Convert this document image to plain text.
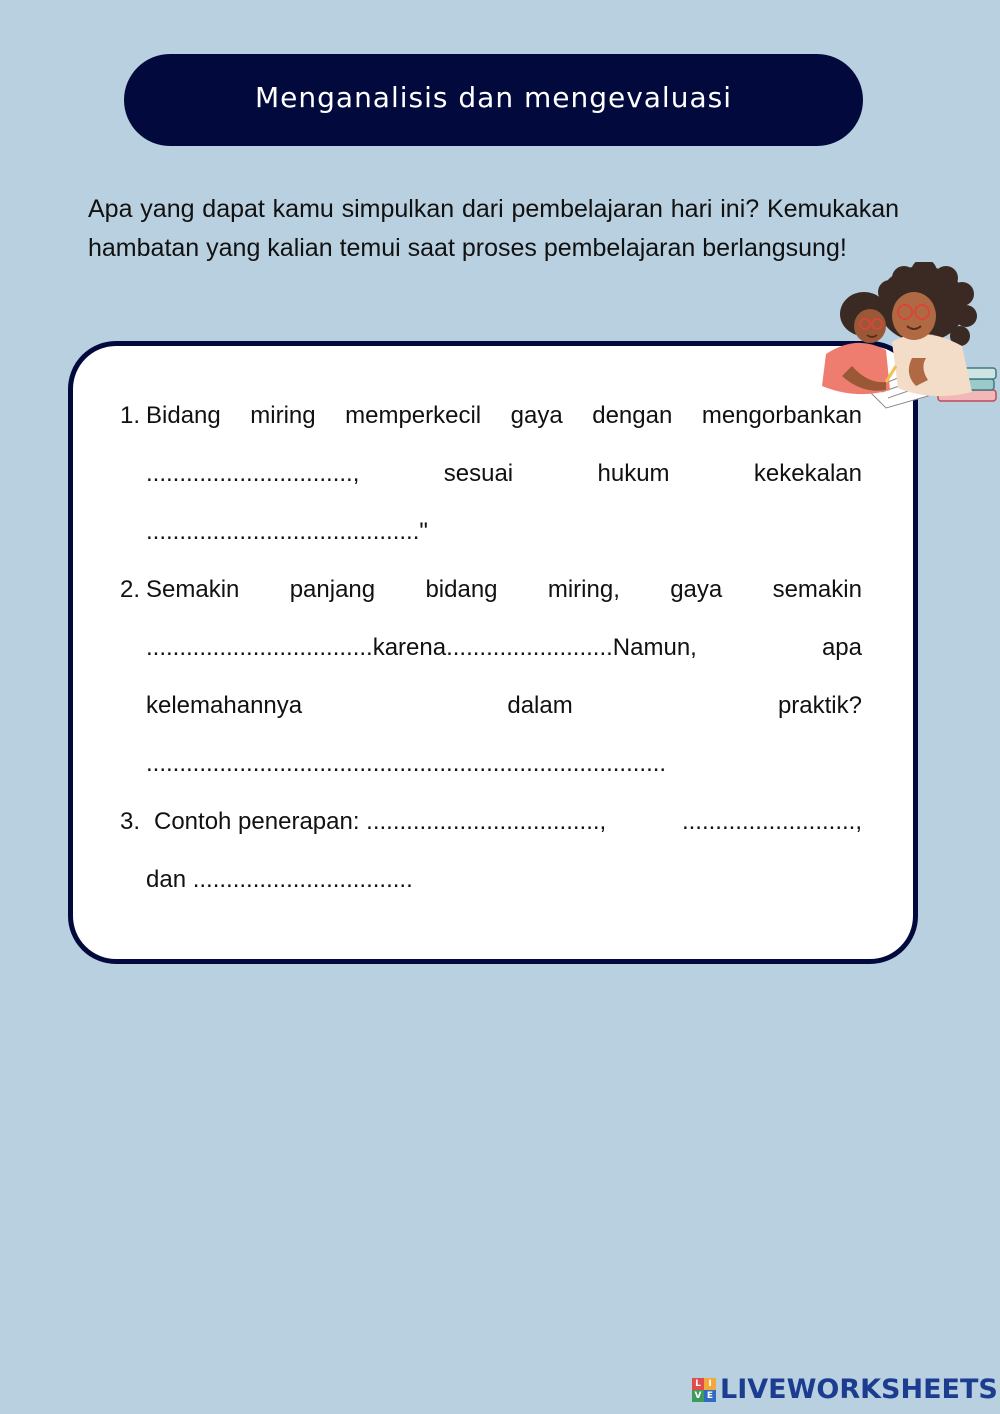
Menganalisis dan mengevaluasi
Apa yang dapat kamu simpulkan dari pembelajaran hari ini? Kemukakan hambatan yang kalian temui saat proses pembelajaran berlangsung!
1. Bidang miring memperkecil gaya dengan mengorbankan
...............................,	sesuai	hukum	kekekalan
........................................."
2. Semakin panjang bidang miring, gaya semakin
..................................karena.........................Namun,	apa
kelemahannya	dalam	praktik?
..............................................................................
3. Contoh penerapan: ...................................,	..........................,
dan .................................
L I
V E LIVEWORKSHEETS
